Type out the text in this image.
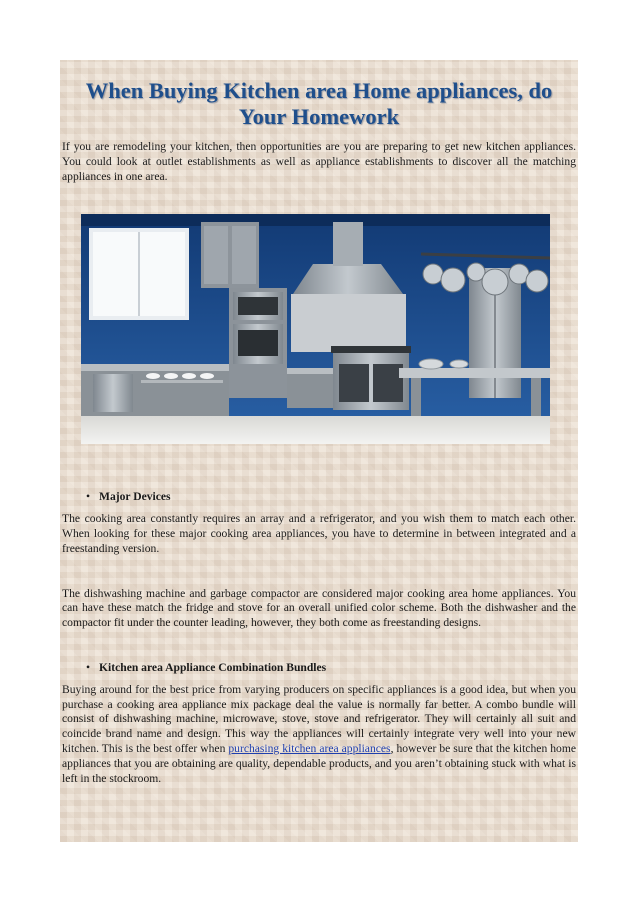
When Buying Kitchen area Home appliances, do Your Homework

If you are remodeling your kitchen, then opportunities are you are preparing to get new kitchen appliances. You could look at outlet establishments as well as appliance establishments to discover all the matching appliances in one area.

• Major Devices

The cooking area constantly requires an array and a refrigerator, and you wish them to match each other. When looking for these major cooking area appliances, you have to determine in between integrated and a freestanding version.

The dishwashing machine and garbage compactor are considered major cooking area home appliances. You can have these match the fridge and stove for an overall unified color scheme. Both the dishwasher and the compactor fit under the counter leading, however, they both come as freestanding designs.

• Kitchen area Appliance Combination Bundles

Buying around for the best price from varying producers on specific appliances is a good idea, but when you purchase a cooking area appliance mix package deal the value is normally far better. A combo bundle will consist of dishwashing machine, microwave, stove, stove and refrigerator. They will certainly all suit and coincide brand name and design. This way the appliances will certainly integrate very well into your new kitchen. This is the best offer when purchasing kitchen area appliances, however be sure that the kitchen home appliances that you are obtaining are quality, dependable products, and you aren’t obtaining stuck with what is left in the stockroom.
